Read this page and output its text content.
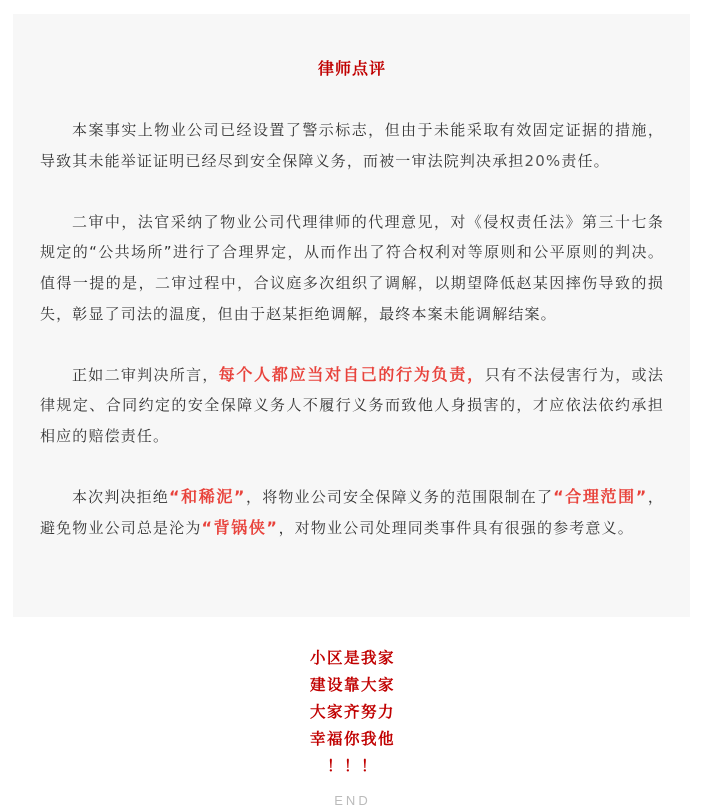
律师点评

本案事实上物业公司已经设置了警示标志，但由于未能采取有效固定证据的措施，导致其未能举证证明已经尽到安全保障义务，而被一审法院判决承担20%责任。

二审中，法官采纳了物业公司代理律师的代理意见，对《侵权责任法》第三十七条规定的“公共场所”进行了合理界定，从而作出了符合权利对等原则和公平原则的判决。值得一提的是，二审过程中，合议庭多次组织了调解，以期望降低赵某因摔伤导致的损失，彰显了司法的温度，但由于赵某拒绝调解，最终本案未能调解结案。

正如二审判决所言，每个人都应当对自己的行为负责，只有不法侵害行为，或法律规定、合同约定的安全保障义务人不履行义务而致他人身损害的，才应依法依约承担相应的赔偿责任。

本次判决拒绝“和稀泥”，将物业公司安全保障义务的范围限制在了“合理范围”，避免物业公司总是沦为“背锅侠”，对物业公司处理同类事件具有很强的参考意义。

小区是我家
建设靠大家
大家齐努力
幸福你我他
！！！
END
